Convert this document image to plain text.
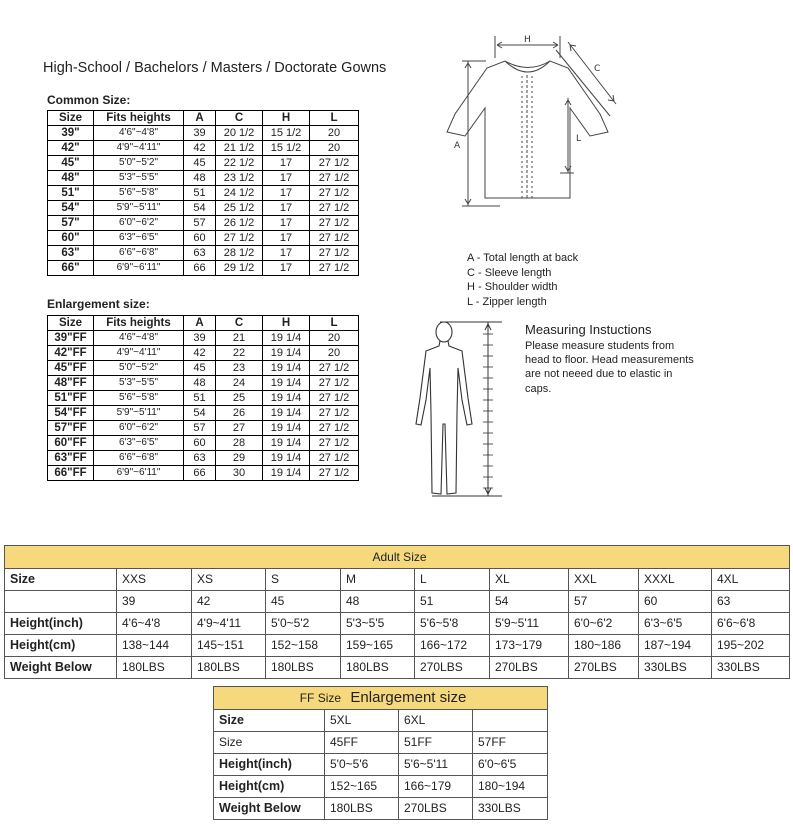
High-School / Bachelors / Masters / Doctorate Gowns
Common Size:
Size	Fits heights	A	C	H	L
39"	4'6"~4'8"	39	20 1/2	15 1/2	20
42"	4'9"~4'11"	42	21 1/2	15 1/2	20
45"	5'0"~5'2"	45	22 1/2	17	27 1/2
48"	5'3"~5'5"	48	23 1/2	17	27 1/2
51"	5'6"~5'8"	51	24 1/2	17	27 1/2
54"	5'9"~5'11"	54	25 1/2	17	27 1/2
57"	6'0"~6'2"	57	26 1/2	17	27 1/2
60"	6'3"~6'5"	60	27 1/2	17	27 1/2
63"	6'6"~6'8"	63	28 1/2	17	27 1/2
66"	6'9"~6'11"	66	29 1/2	17	27 1/2
Enlargement size:
Size	Fits heights	A	C	H	L
39"FF	4'6"~4'8"	39	21	19 1/4	20
42"FF	4'9"~4'11"	42	22	19 1/4	20
45"FF	5'0"~5'2"	45	23	19 1/4	27 1/2
48"FF	5'3"~5'5"	48	24	19 1/4	27 1/2
51"FF	5'6"~5'8"	51	25	19 1/4	27 1/2
54"FF	5'9"~5'11"	54	26	19 1/4	27 1/2
57"FF	6'0"~6'2"	57	27	19 1/4	27 1/2
60"FF	6'3"~6'5"	60	28	19 1/4	27 1/2
63"FF	6'6"~6'8"	63	29	19 1/4	27 1/2
66"FF	6'9"~6'11"	66	30	19 1/4	27 1/2
H
C
A
L
A - Total length at back
C - Sleeve length
H - Shoulder width
L - Zipper length
Measuring Instuctions
Please measure students from head to floor. Head measurements are not neeed due to elastic in caps.
Adult Size									
Size	XXS	XS	S	M	L	XL	XXL	XXXL	4XL
	39	42	45	48	51	54	57	60	63
Height(inch)	4'6~4'8	4'9~4'11	5'0~5'2	5'3~5'5	5'6~5'8	5'9~5'11	6'0~6'2	6'3~6'5	6'6~6'8
Height(cm)	138~144	145~151	152~158	159~165	166~172	173~179	180~186	187~194	195~202
Weight Below	180LBS	180LBS	180LBS	180LBS	270LBS	270LBS	270LBS	330LBS	330LBS
FF Size Enlargement size			
Size	5XL	6XL	
Size	45FF	51FF	57FF
Height(inch)	5'0~5'6	5'6~5'11	6'0~6'5
Height(cm)	152~165	166~179	180~194
Weight Below	180LBS	270LBS	330LBS
